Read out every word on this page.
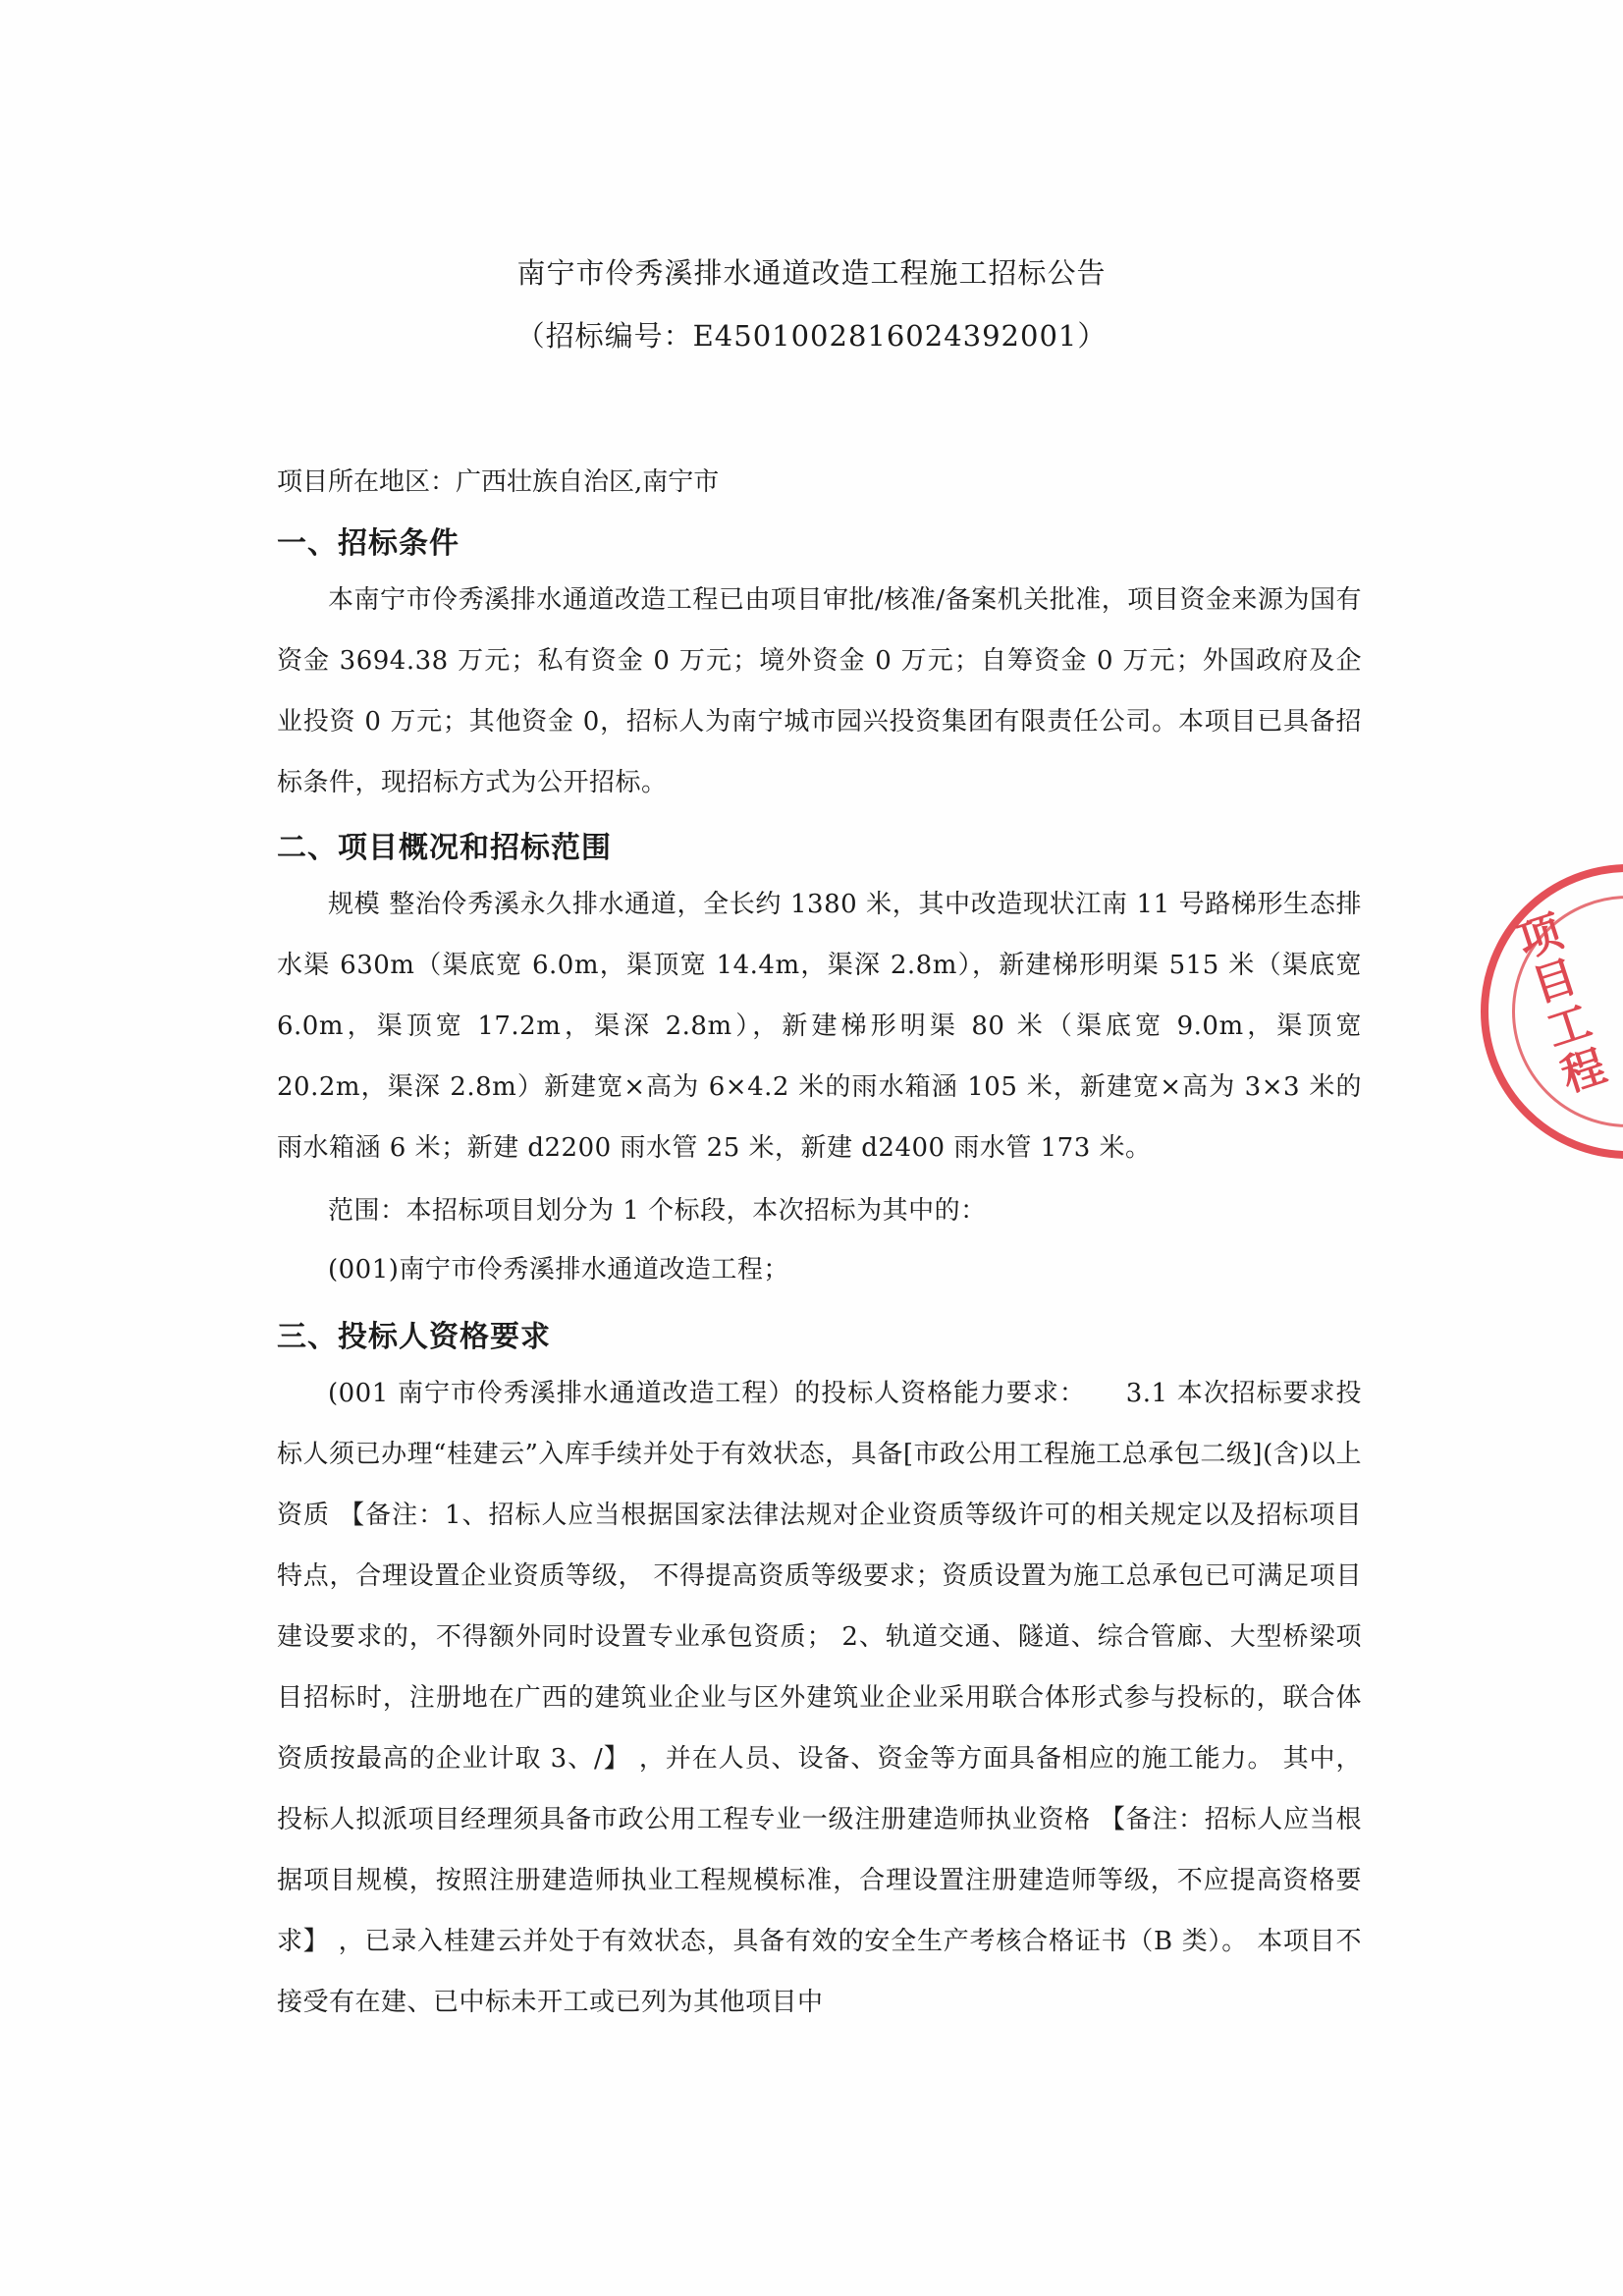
南宁市伶秀溪排水通道改造工程施工招标公告
（招标编号：E4501002816024392001）
项目所在地区：广西壮族自治区,南宁市
一、招标条件

本南宁市伶秀溪排水通道改造工程已由项目审批/核准/备案机关批准，项目资金来源为国有资金 3694.38 万元；私有资金 0 万元；境外资金 0 万元；自筹资金 0 万元；外国政府及企业投资 0 万元；其他资金 0，招标人为南宁城市园兴投资集团有限责任公司。本项目已具备招标条件，现招标方式为公开招标。

二、项目概况和招标范围

规模 整治伶秀溪永久排水通道，全长约 1380 米，其中改造现状江南 11 号路梯形生态排水渠 630m（渠底宽 6.0m，渠顶宽 14.4m，渠深 2.8m），新建梯形明渠 515 米（渠底宽 6.0m，渠顶宽 17.2m，渠深 2.8m），新建梯形明渠 80 米（渠底宽 9.0m，渠顶宽 20.2m，渠深 2.8m）新建宽×高为 6×4.2 米的雨水箱涵 105 米，新建宽×高为 3×3 米的雨水箱涵 6 米；新建 d2200 雨水管 25 米，新建 d2400 雨水管 173 米。

范围：本招标项目划分为 1 个标段，本次招标为其中的：

(001)南宁市伶秀溪排水通道改造工程；

三、投标人资格要求

(001 南宁市伶秀溪排水通道改造工程）的投标人资格能力要求：　　3.1 本次招标要求投标人须已办理“桂建云”入库手续并处于有效状态，具备[市政公用工程施工总承包二级](含)以上资质 【备注：1、招标人应当根据国家法律法规对企业资质等级许可的相关规定以及招标项目特点，合理设置企业资质等级， 不得提高资质等级要求；资质设置为施工总承包已可满足项目建设要求的，不得额外同时设置专业承包资质； 2、轨道交通、隧道、综合管廊、大型桥梁项目招标时，注册地在广西的建筑业企业与区外建筑业企业采用联合体形式参与投标的，联合体资质按最高的企业计取 3、/】 ，并在人员、设备、资金等方面具备相应的施工能力。 其中，投标人拟派项目经理须具备市政公用工程专业一级注册建造师执业资格 【备注：招标人应当根据项目规模，按照注册建造师执业工程规模标准，合理设置注册建造师等级，不应提高资格要求】 ，已录入桂建云并处于有效状态，具备有效的安全生产考核合格证书（B 类）。 本项目不接受有在建、已中标未开工或已列为其他项目中

项目工程
